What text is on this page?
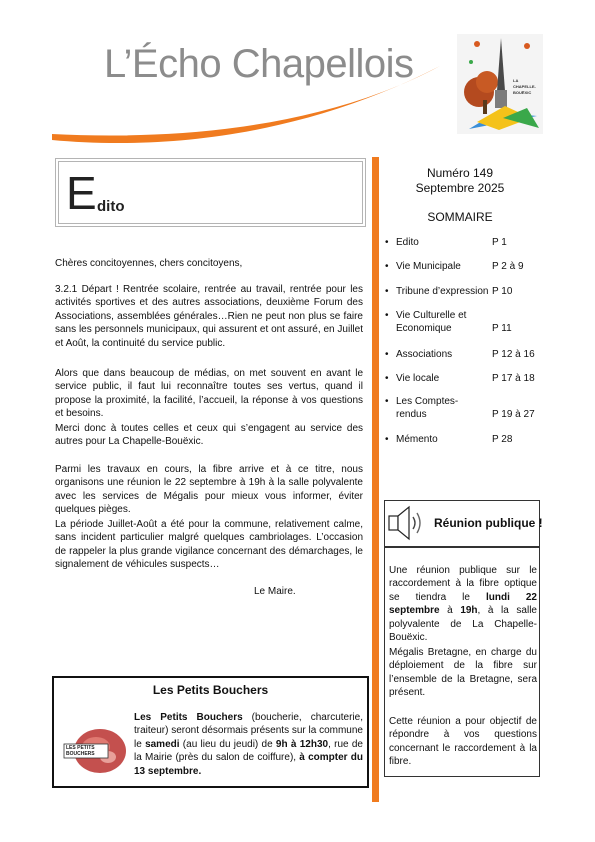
L’Écho Chapellois	LA
CHAPELLE-
BOUËXIC
E dito
Chères concitoyennes, chers concitoyens,
3.2.1 Départ ! Rentrée scolaire, rentrée au travail, rentrée pour les activités sportives et des autres associations, deuxième Forum des Associations, assemblées générales…Rien ne peut non plus se faire sans les personnels municipaux, qui assurent et ont assuré, en Juillet et Août, la continuité du service public.
Alors que dans beaucoup de médias, on met souvent en avant le service public, il faut lui reconnaître toutes ses vertus, quand il propose la proximité, la facilité, l’accueil, la réponse à vos questions et besoins.
Merci donc à toutes celles et ceux qui s’engagent au service des autres pour La Chapelle-Bouëxic.
Parmi les travaux en cours, la fibre arrive et à ce titre, nous organisons une réunion le 22 septembre à 19h à la salle polyvalente avec les services de Mégalis pour mieux vous informer, éviter quelques pièges.
La période Juillet-Août a été pour la commune, relativement calme, sans incident particulier malgré quelques cambriolages. L’occasion de rappeler la plus grande vigilance concernant des démarchages, le signalement de véhicules suspects…
Le Maire.
Numéro 149
Septembre 2025
SOMMAIRE
• Edito	P 1
• Vie Municipale	P 2 à 9
• Tribune d’expression P 10
• Vie Culturelle et Economique	P 11
• Associations	P 12 à 16
• Vie locale	P 17 à 18
• Les Comptes-rendus	P 19 à 27
• Mémento	P 28
Réunion publique !
Une réunion publique sur le raccordement à la fibre optique se tiendra le lundi 22 septembre à 19h, à la salle polyvalente de La Chapelle-Bouëxic.
Mégalis Bretagne, en charge du déploiement de la fibre sur l’ensemble de la Bretagne, sera présent.
Cette réunion a pour objectif de répondre à vos questions concernant le raccordement à la fibre.
Les Petits Bouchers
Les Petits Bouchers (boucherie, charcuterie, traiteur) seront désormais présents sur la commune le samedi (au lieu du jeudi) de 9h à 12h30, rue de la Mairie (près du salon de coiffure), à compter du 13 septembre.
LES PETITS
BOUCHERS
